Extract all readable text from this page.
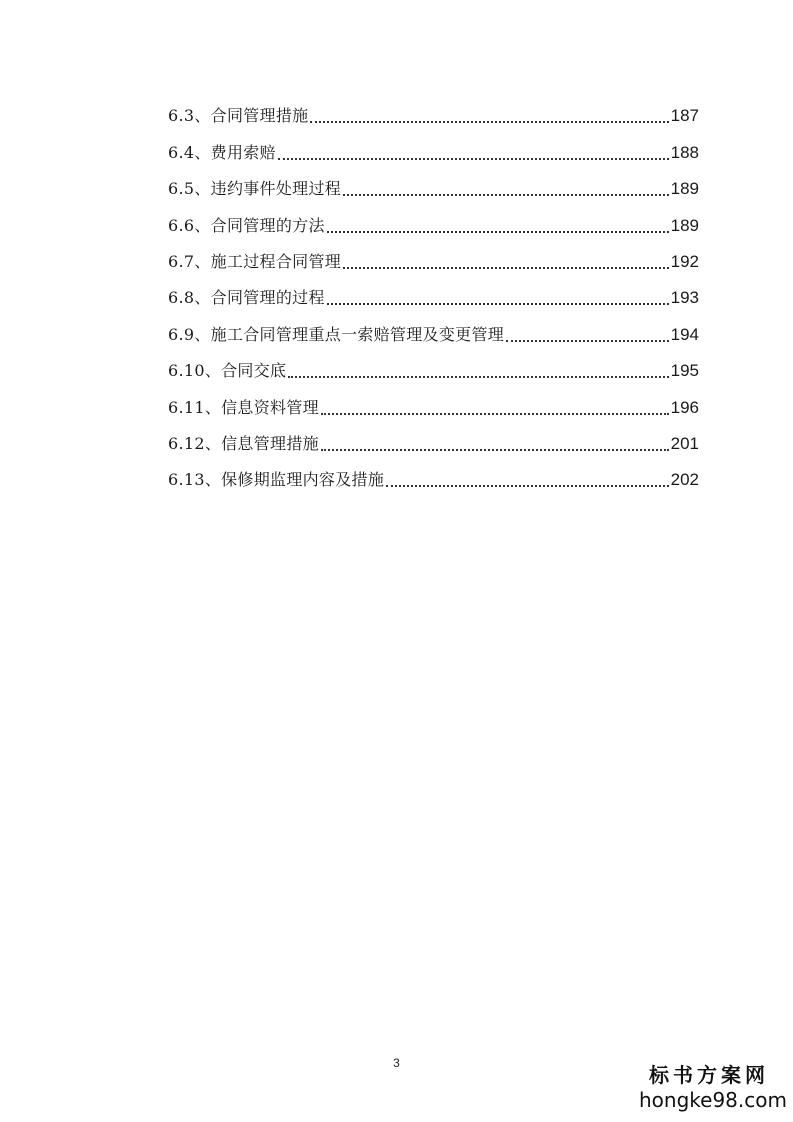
6.3、合同管理措施	187
6.4、费用索赔	188
6.5、违约事件处理过程	189
6.6、合同管理的方法	189
6.7、施工过程合同管理	192
6.8、合同管理的过程	193
6.9、施工合同管理重点一索赔管理及变更管理	194
6.10、合同交底	195
6.11、信息资料管理	196
6.12、信息管理措施	201
6.13、保修期监理内容及措施	202
3	标书方案网
hongke98.com
